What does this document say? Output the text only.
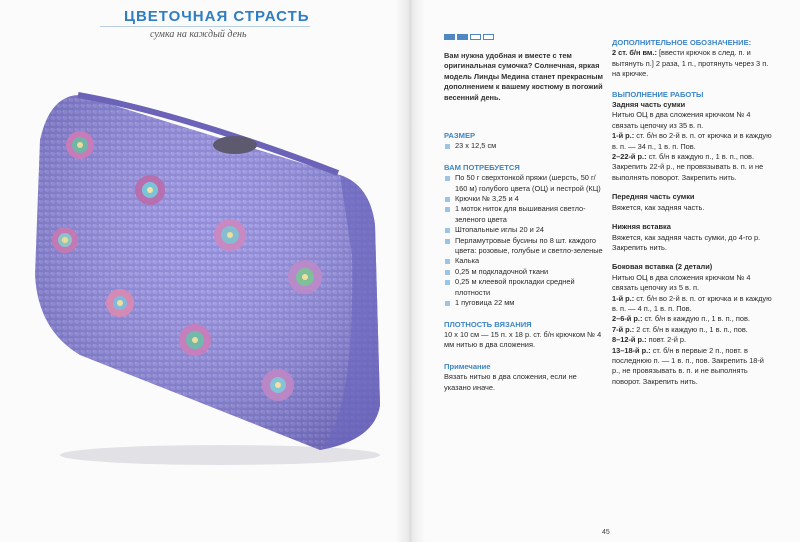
ЦВЕТОЧНАЯ СТРАСТЬ
сумка на каждый день
Вам нужна удобная и вместе с тем оригинальная сумочка? Солнечная, яркая модель Линды Медина станет прекрасным дополнением к вашему костюму в погожий весенний день.
РАЗМЕР
23 x 12,5 см
ВАМ ПОТРЕБУЕТСЯ
По 50 г сверхтонкой пряжи (шерсть, 50 г/ 160 м) голубого цвета (ОЦ) и пестрой (КЦ)
Крючки № 3,25 и 4
1 моток ниток для вышивания светло-зеленого цвета
Штопальные иглы 20 и 24
Перламутровые бусины по 8 шт. каждого цвета: розовые, голубые и светло-зеленые
Калька
0,25 м подкладочной ткани
0,25 м клеевой прокладки средней плотности
1 пуговица 22 мм
ПЛОТНОСТЬ ВЯЗАНИЯ
10 x 10 см — 15 п. x 18 р. ст. б/н крючком № 4 мм нитью в два сложения.
Примечание
Вязать нитью в два сложения, если не указано иначе.
ДОПОЛНИТЕЛЬНОЕ ОБОЗНАЧЕНИЕ:
2 ст. б/н вм.: [ввести крючок в след. п. и вытянуть п.] 2 раза, 1 п., протянуть через 3 п. на крючке.
ВЫПОЛНЕНИЕ РАБОТЫ
Задняя часть сумки
Нитью ОЦ в два сложения крючком № 4 связать цепочку из 35 в. п.
1-й р.: ст. б/н во 2-й в. п. от крючка и в каждую в. п. — 34 п., 1 в. п. Пов.
2–22-й р.: ст. б/н в каждую п., 1 в. п., пов. Закрепить 22-й р., не провязывать в. п. и не выполнять поворот. Закрепить нить.
Передняя часть сумки
Вяжется, как задняя часть.
Нижняя вставка
Вяжется, как задняя часть сумки, до 4-го р. Закрепить нить.
Боковая вставка (2 детали)
Нитью ОЦ в два сложения крючком № 4 связать цепочку из 5 в. п.
1-й р.: ст. б/н во 2-й в. п. от крючка и в каждую в. п. — 4 п., 1 в. п. Пов.
2–6-й р.: ст. б/н в каждую п., 1 в. п., пов.
7-й р.: 2 ст. б/н в каждую п., 1 в. п., пов.
8–12-й р.: повт. 2-й р.
13–18-й р.: ст. б/н в первые 2 п., повт. в последнюю п. — 1 в. п., пов. Закрепить 18-й р., не провязывать в. п. и не выполнять поворот. Закрепить нить.
45
